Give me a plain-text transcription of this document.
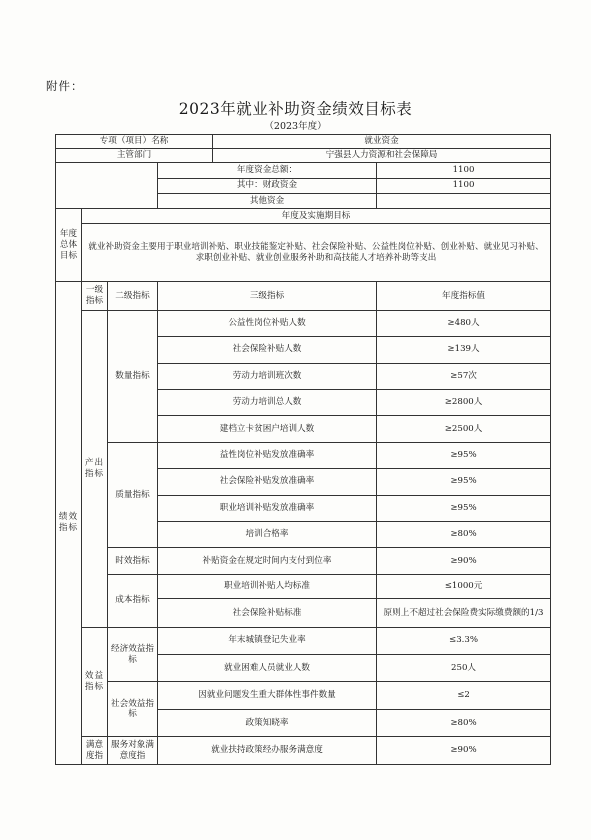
附件：
2023年就业补助资金绩效目标表
（2023年度）
专项（项目）名称				就业资金	
主管部门				宁强县人力资源和社会保障局	
			年度资金总额：		1100
			其中：财政资金		1100
			其他资金		
年度总体目标	年度及实施期目标				
	就业补助资金主要用于职业培训补贴、职业技能鉴定补贴、社会保险补贴、公益性岗位补贴、创业补贴、就业见习补贴、求职创业补贴、就业创业服务补助和高技能人才培养补助等支出				
绩效指标	一级指标	二级指标	三级指标		年度指标值
	产出指标	数量指标	公益性岗位补贴人数		≥480人
			社会保险补贴人数		≥139人
			劳动力培训班次数		≥57次
			劳动力培训总人数		≥2800人
			建档立卡贫困户培训人数		≥2500人
		质量指标	益性岗位补贴发放准确率		≥95%
			社会保险补贴发放准确率		≥95%
			职业培训补贴发放准确率		≥95%
			培训合格率		≥80%
		时效指标	补贴资金在规定时间内支付到位率		≥90%
		成本指标	职业培训补贴人均标准		≤1000元
			社会保险补贴标准		原则上不超过社会保险费实际缴费额的1/3
	效益指标	经济效益指标	年末城镇登记失业率		≤3.3%
			就业困难人员就业人数		250人
		社会效益指标	因就业问题发生重大群体性事件数量		≤2
			政策知晓率		≥80%
	满意度指	服务对象满意度指	就业扶持政策经办服务满意度		≥90%
